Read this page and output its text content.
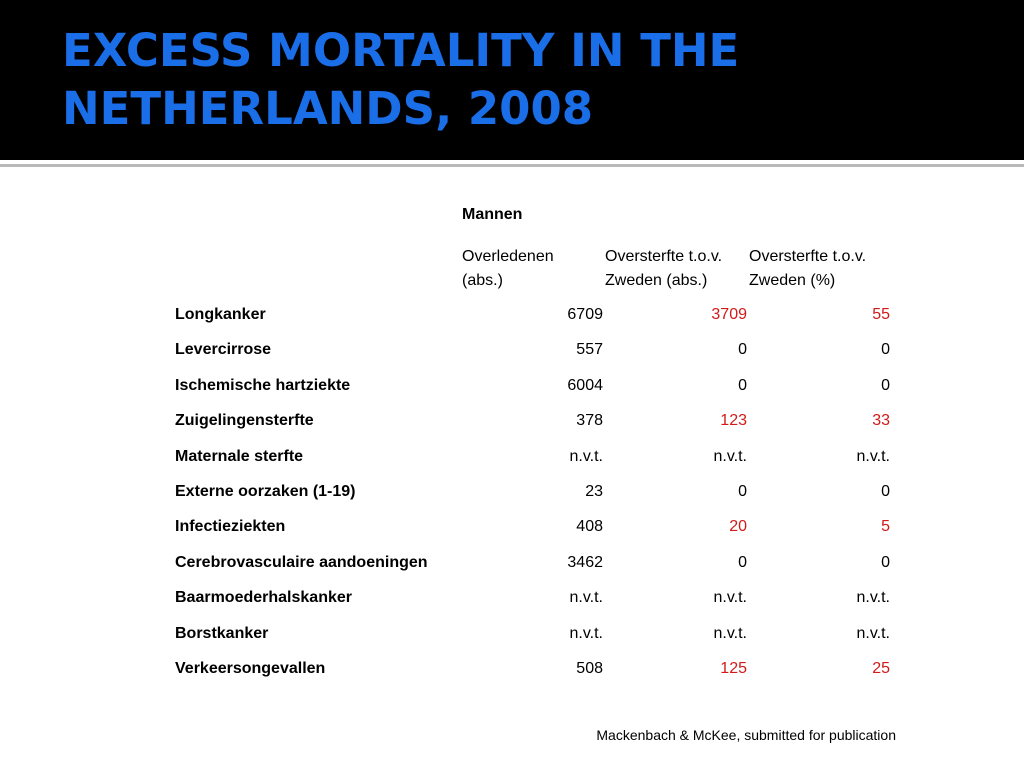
EXCESS MORTALITY IN THE
NETHERLANDS, 2008
Mannen
Overledenen
(abs.)
Oversterfte t.o.v.
Zweden (abs.)
Oversterfte t.o.v.
Zweden (%)
Longkanker	6709	3709	55
Levercirrose	557	0	0
Ischemische hartziekte	6004	0	0
Zuigelingensterfte	378	123	33
Maternale sterfte	n.v.t.	n.v.t.	n.v.t.
Externe oorzaken (1-19)	23	0	0
Infectieziekten	408	20	5
Cerebrovasculaire aandoeningen	3462	0	0
Baarmoederhalskanker	n.v.t.	n.v.t.	n.v.t.
Borstkanker	n.v.t.	n.v.t.	n.v.t.
Verkeersongevallen	508	125	25
Mackenbach & McKee, submitted for publication
